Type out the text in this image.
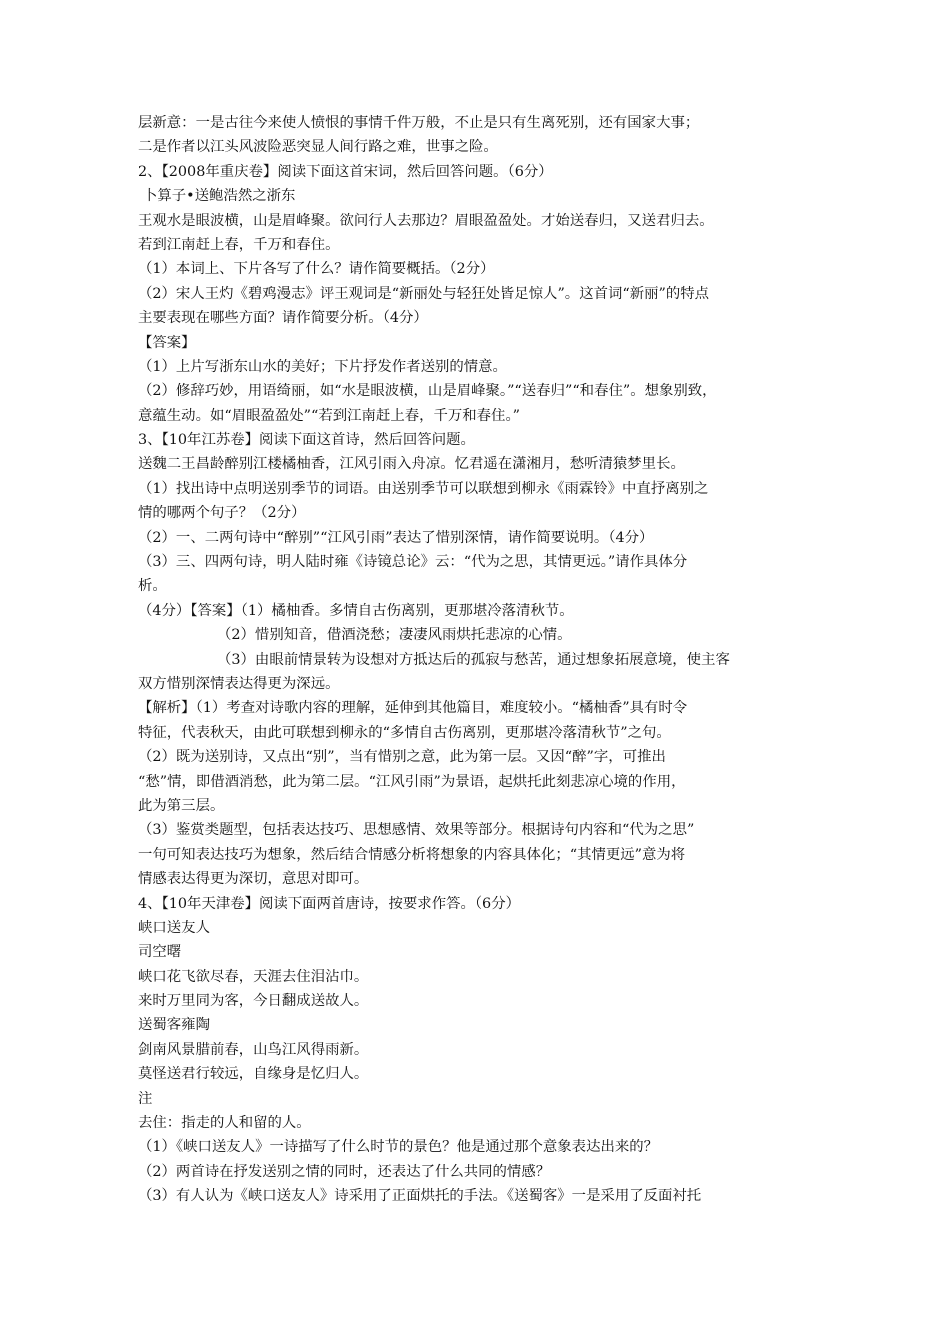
层新意：一是古往今来使人愤恨的事情千件万般，不止是只有生离死别，还有国家大事；
二是作者以江头风波险恶突显人间行路之难，世事之险。
2、【2008年重庆卷】阅读下面这首宋词，然后回答问题。（6分）
卜算子•送鲍浩然之浙东
王观水是眼波横，山是眉峰聚。欲问行人去那边？眉眼盈盈处。才始送春归，又送君归去。
若到江南赶上春，千万和春住。
（1）本词上、下片各写了什么？请作简要概括。（2分）
（2）宋人王灼《碧鸡漫志》评王观词是“新丽处与轻狂处皆足惊人”。这首词“新丽”的特点
主要表现在哪些方面？请作简要分析。（4分）
【答案】
（1）上片写浙东山水的美好；下片抒发作者送别的情意。
（2）修辞巧妙，用语绮丽，如“水是眼波横，山是眉峰聚。”“送春归”“和春住”。想象别致，
意蕴生动。如“眉眼盈盈处”“若到江南赶上春，千万和春住。”
3、【10年江苏卷】阅读下面这首诗，然后回答问题。
送魏二王昌龄醉别江楼橘柚香，江风引雨入舟凉。忆君遥在潇湘月，愁听清猿梦里长。
（1）找出诗中点明送别季节的词语。由送别季节可以联想到柳永《雨霖铃》中直抒离别之
情的哪两个句子？（2分）
（2）一、二两句诗中“醉别”“江风引雨”表达了惜别深情，请作简要说明。（4分）
（3）三、四两句诗，明人陆时雍《诗镜总论》云：“代为之思，其情更远。”请作具体分
析。
（4分）【答案】（1）橘柚香。多情自古伤离别，更那堪冷落清秋节。
（2）惜别知音，借酒浇愁；凄凄风雨烘托悲凉的心情。
（3）由眼前情景转为设想对方抵达后的孤寂与愁苦，通过想象拓展意境，使主客
双方惜别深情表达得更为深远。
【解析】（1）考查对诗歌内容的理解，延伸到其他篇目，难度较小。“橘柚香”具有时令
特征，代表秋天，由此可联想到柳永的“多情自古伤离别，更那堪冷落清秋节”之句。
（2）既为送别诗，又点出“别”，当有惜别之意，此为第一层。又因“醉”字，可推出
“愁”情，即借酒消愁，此为第二层。“江风引雨”为景语，起烘托此刻悲凉心境的作用，
此为第三层。
（3）鉴赏类题型，包括表达技巧、思想感情、效果等部分。根据诗句内容和“代为之思”
一句可知表达技巧为想象，然后结合情感分析将想象的内容具体化；“其情更远”意为将
情感表达得更为深切，意思对即可。
4、【10年天津卷】阅读下面两首唐诗，按要求作答。（6分）
峡口送友人
司空曙
峡口花飞欲尽春，天涯去住泪沾巾。
来时万里同为客，今日翻成送故人。
送蜀客雍陶
剑南风景腊前春，山鸟江风得雨新。
莫怪送君行较远，自缘身是忆归人。
注
去住：指走的人和留的人。
（1）《峡口送友人》一诗描写了什么时节的景色？他是通过那个意象表达出来的？
（2）两首诗在抒发送别之情的同时，还表达了什么共同的情感？
（3）有人认为《峡口送友人》诗采用了正面烘托的手法。《送蜀客》一是采用了反面衬托
